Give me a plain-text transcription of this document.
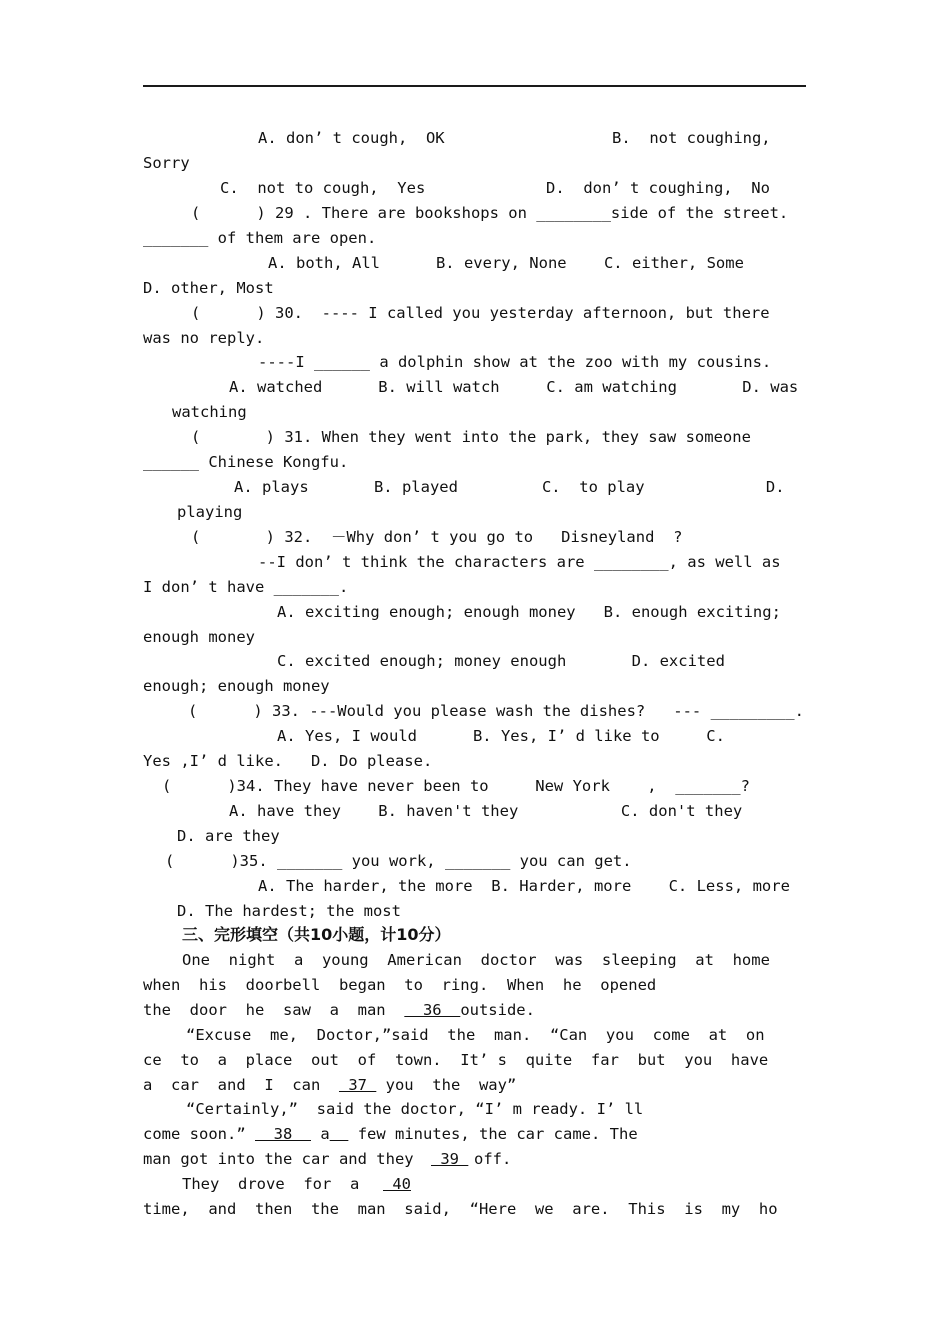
A. don’ t cough,  OK	B.  not coughing,
Sorry
C.  not to cough,  Yes	D.  don’ t coughing,  No
(      ) 29 . There are bookshops on ________side of the street.
_______ of them are open.
A. both, All      B. every, None    C. either, Some
D. other, Most
(      ) 30.  ---- I called you yesterday afternoon, but there
was no reply.
----I ______ a dolphin show at the zoo with my cousins.
A. watched      B. will watch     C. am watching       D. was
watching
(       ) 31. When they went into the park, they saw someone
______ Chinese Kongfu.
A. plays       B. played         C.  to play             D.
playing
(       ) 32.  －Why don’ t you go to   Disneyland  ?
--I don’ t think the characters are ________, as well as
I don’ t have _______.
A. exciting enough; enough money   B. enough exciting;
enough money
C. excited enough; money enough       D. excited
enough; enough money
(      ) 33. ---Would you please wash the dishes?   --- _________.
A. Yes, I would      B. Yes, I’ d like to     C.
Yes ,I’ d like.   D. Do please.
(      )34. They have never been to     New York    ,  _______?
A. have they    B. haven't they           C. don't they
D. are they
(      )35. _______ you work, _______ you can get.
A. The harder, the more  B. Harder, more    C. Less, more
D. The hardest; the most
One  night  a  young  American  doctor  was  sleeping  at  home
when  his  doorbell  began  to  ring.  When  he  opened
“Excuse  me,  Doctor,”said  the  man.  “Can  you  come  at  on
ce  to  a  place  out  of  town.  It’ s  quite  far  but  you  have
“Certainly,”  said the doctor, “I’ m ready. I’ ll
man got into the car and they	off.
They  drove  for  a
time,  and  then  the  man  said,  “Here  we  are.  This  is  my  ho
三、完形填空（共10小题，计10分）
the  door  he  saw  a  man    36  outside.
a  car  and  I  can   37  you  the  way”
come soon.”   38   a   few minutes, the car came. The
39
40
